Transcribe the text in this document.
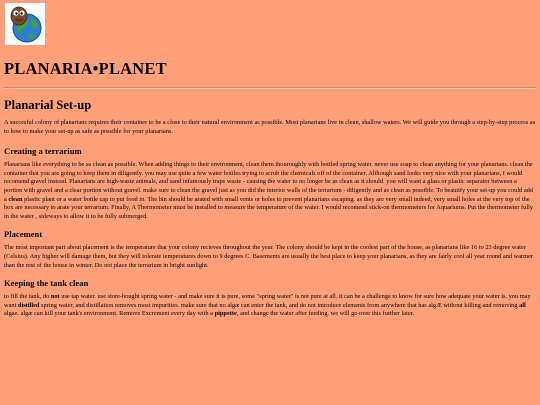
PLANARIA•PLANET
Planarial Set-up

A succesful colony of planarians requires their container to be a close to their natural environment as possible. Most planarians live in clean, shallow waters. We will guide you through a step-by-step process as to how to make your set-up as safe as possible for your planarians.

Creating a terrarium

Planarians like everything to be as clean as possible. When adding things to their environment, clean them thouroughly with bottled spring water. never use soap to clean anything for your planarians. clean the container that you are going to keep them in diligently. you may use quite a few water bottles trying to scrub the chemicals off of the container. Although sand looks very nice with your planarians, I would recomend gravel instead. Planarians are high-waste animals, and sand infamously traps waste - causing the water to no longer be as clean as it should. you will want a glass or plastic separator between a portion with gravel and a clear portion without gravel. make sure to clean the gravel just as you did the interior walls of the terrarium - diligently and as clean as possible. To beautify your set-up you could add a clean plastic plant or a water bottle cap to put food in. The bin should be arated with small vents or holes to prevent planarians escaping. as they are very small indeed, very small holes at the very top of the box are necessary to arate your terrarium. Finally, A Thermometer must be installed to measure the temperature of the water. I would recomend stick-on thermometers for Aquariums. Put the thermometer fully in the water , sideways to allow it to be fully submerged.

Placement

The most important part about placement is the temperature that your colony recieves throughout the year. The colony should be kept in the coolest part of the house, as planarians like 16 to 23 degree water (Celsius). Any higher will damage them, but they will tolerate temperatures down to 9 degrees C. Basements are usually the best place to keep your planarians, as they are fairly cool all year round and warmer than the rest of the house in winter. Do not place the terrarium in bright sunlight.

Keeping the tank clean

to fill the tank, do not use tap water. use store-bought spring water - and make sure it is pure, some "spring water" is not pure at all. it can be a challenge to know for sure how adequate your water is. you may want distilled spring water, and distillation removes most impurities. make sure that no algæ can enter the tank, and do not introduce elements from anywhere that has algÆ without killing and removing all algae. algæ can kill your tank's environment. Remove Excrement every day with a pippette, and change the water after feeding. we will go over this further later.
